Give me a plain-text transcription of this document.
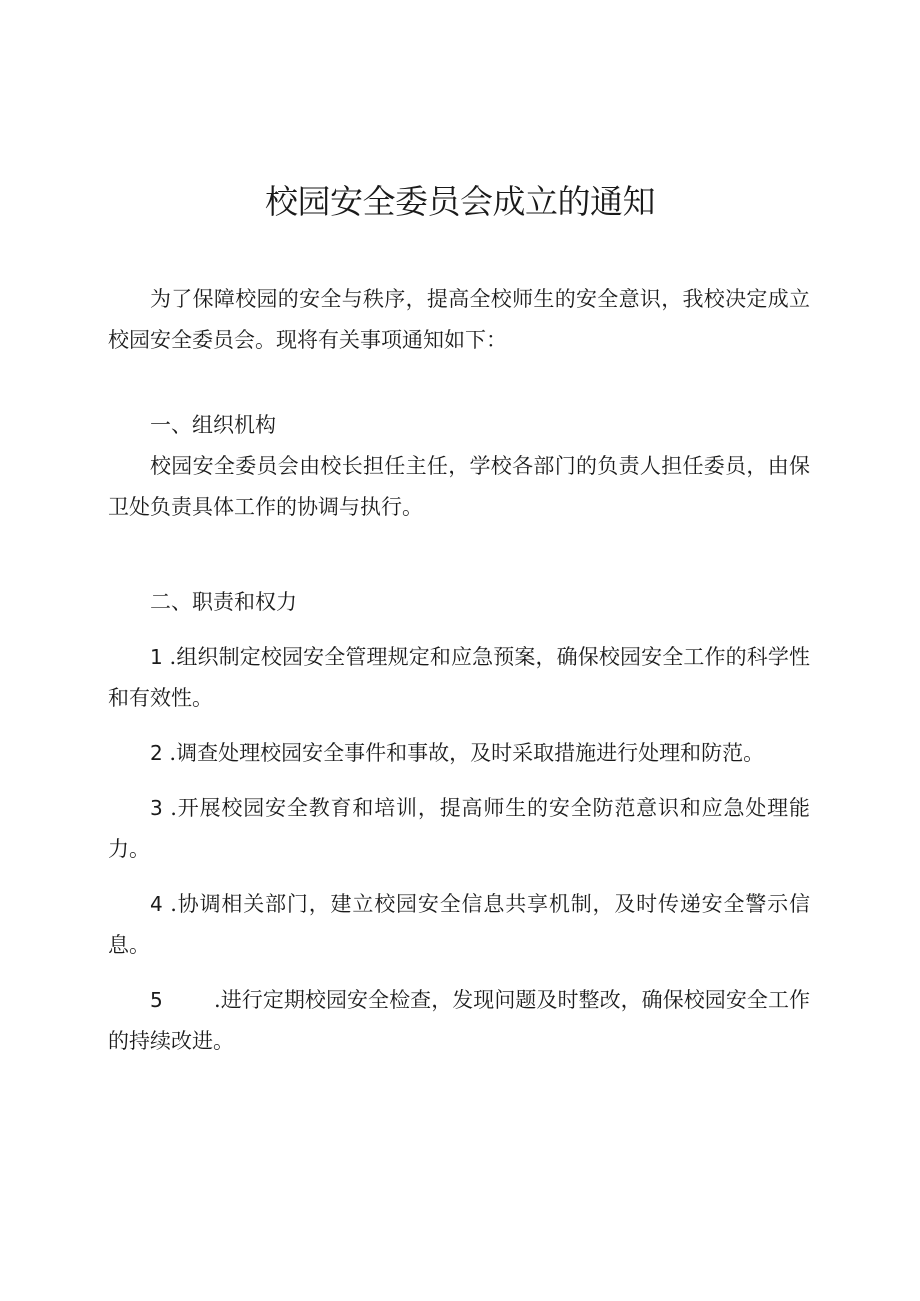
校园安全委员会成立的通知

为了保障校园的安全与秩序，提高全校师生的安全意识，我校决定成立校园安全委员会。现将有关事项通知如下：

一、组织机构

校园安全委员会由校长担任主任，学校各部门的负责人担任委员，由保卫处负责具体工作的协调与执行。

二、职责和权力

1 .组织制定校园安全管理规定和应急预案，确保校园安全工作的科学性和有效性。

2 .调查处理校园安全事件和事故，及时采取措施进行处理和防范。

3 .开展校园安全教育和培训，提高师生的安全防范意识和应急处理能力。

4 .协调相关部门，建立校园安全信息共享机制，及时传递安全警示信息。

5 .进行定期校园安全检查，发现问题及时整改，确保校园安全工作的持续改进。
